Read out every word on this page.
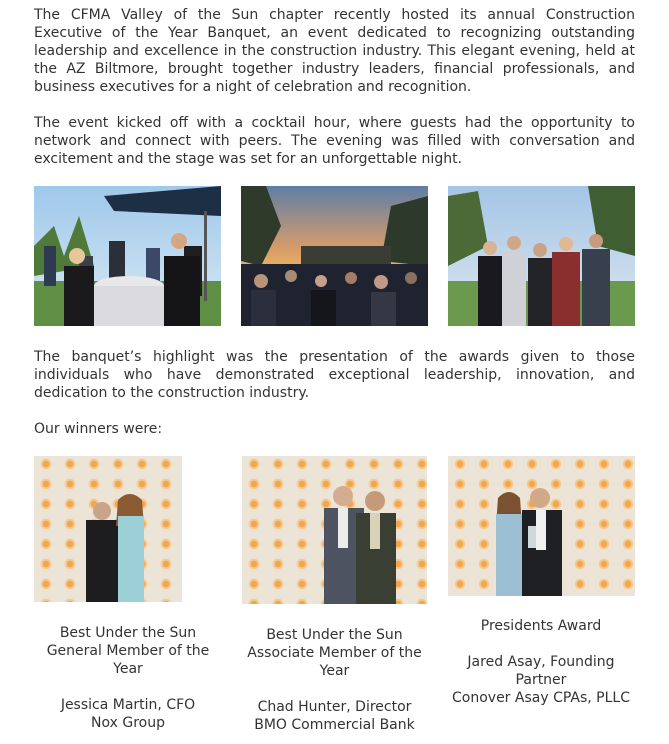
The CFMA Valley of the Sun chapter recently hosted its annual Construction Executive of the Year Banquet, an event dedicated to recognizing outstanding leadership and excellence in the construction industry. This elegant evening, held at the AZ Biltmore, brought together industry leaders, financial professionals, and business executives for a night of celebration and recognition.

The event kicked off with a cocktail hour, where guests had the opportunity to network and connect with peers. The evening was filled with conversation and excitement and the stage was set for an unforgettable night.

The banquet’s highlight was the presentation of the awards given to those individuals who have demonstrated exceptional leadership, innovation, and dedication to the construction industry.

Our winners were:

Best Under the Sun
General Member of the
Year
Jessica Martin, CFO
Nox Group
Best Under the Sun
Associate Member of the
Year
Chad Hunter, Director
BMO Commercial Bank
Presidents Award
Jared Asay, Founding
Partner
Conover Asay CPAs, PLLC
